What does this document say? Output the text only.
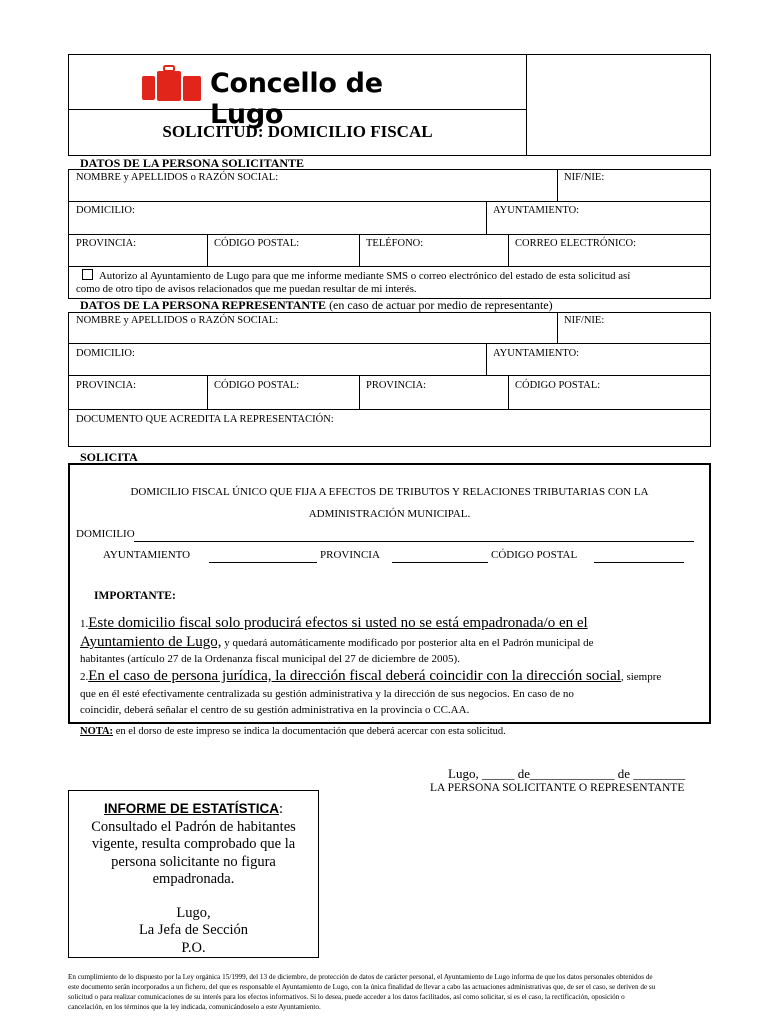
Concello de Lugo
SOLICITUD: DOMICILIO FISCAL
DATOS DE LA PERSONA SOLICITANTE
NOMBRE y APELLIDOS o RAZÓN SOCIAL:	NIF/NIE:
DOMICILIO:	AYUNTAMIENTO:
PROVINCIA:	CÓDIGO POSTAL:	TELÉFONO:	CORREO ELECTRÓNICO:
Autorizo al Ayuntamiento de Lugo para que me informe mediante SMS o correo electrónico del estado de esta solicitud así
como de otro tipo de avisos relacionados que me puedan resultar de mi interés.
DATOS DE LA PERSONA REPRESENTANTE (en caso de actuar por medio de representante)
NOMBRE y APELLIDOS o RAZÓN SOCIAL:	NIF/NIE:
DOMICILIO:	AYUNTAMIENTO:
PROVINCIA:	CÓDIGO POSTAL:	PROVINCIA:	CÓDIGO POSTAL:
DOCUMENTO QUE ACREDITA LA REPRESENTACIÓN:
SOLICITA
DOMICILIO FISCAL ÚNICO QUE FIJA A EFECTOS DE TRIBUTOS Y RELACIONES TRIBUTARIAS CON LA
ADMINISTRACIÓN MUNICIPAL.
DOMICILIO
AYUNTAMIENTO	PROVINCIA	CÓDIGO POSTAL
IMPORTANTE:
1.Este domicilio fiscal solo producirá efectos si usted no se está empadronada/o en el
Ayuntamiento de Lugo, y quedará automáticamente modificado por posterior alta en el Padrón municipal de
habitantes (artículo 27 de la Ordenanza fiscal municipal del 27 de diciembre de 2005).
2.En el caso de persona jurídica, la dirección fiscal deberá coincidir con la dirección social, siempre
que en él esté efectivamente centralizada su gestión administrativa y la dirección de sus negocios. En caso de no
coincidir, deberá señalar el centro de su gestión administrativa en la provincia o CC.AA.
NOTA: en el dorso de este impreso se indica la documentación que deberá acercar con esta solicitud.
Lugo, _____ de_____________ de ________
LA PERSONA SOLICITANTE O REPRESENTANTE
INFORME DE ESTATÍSTICA:
Consultado el Padrón de habitantes
vigente, resulta comprobado que la
persona solicitante no figura
empadronada.
Lugo,
La Jefa de Sección
P.O.
En cumplimiento de lo dispuesto por la Ley orgánica 15/1999, del 13 de diciembre, de protección de datos de carácter personal, el Ayuntamiento de Lugo informa de que los datos personales obtenidos de
este documento serán incorporados a un fichero, del que es responsable el Ayuntamiento de Lugo, con la única finalidad de llevar a cabo las actuaciones administrativas que, de ser el caso, se deriven de su
solicitud o para realizar comunicaciones de su interés para los efectos informativos. Si lo desea, puede acceder a los datos facilitados, así como solicitar, si es el caso, la rectificación, oposición o
cancelación, en los términos que la ley indicada, comunicándoselo a este Ayuntamiento.
